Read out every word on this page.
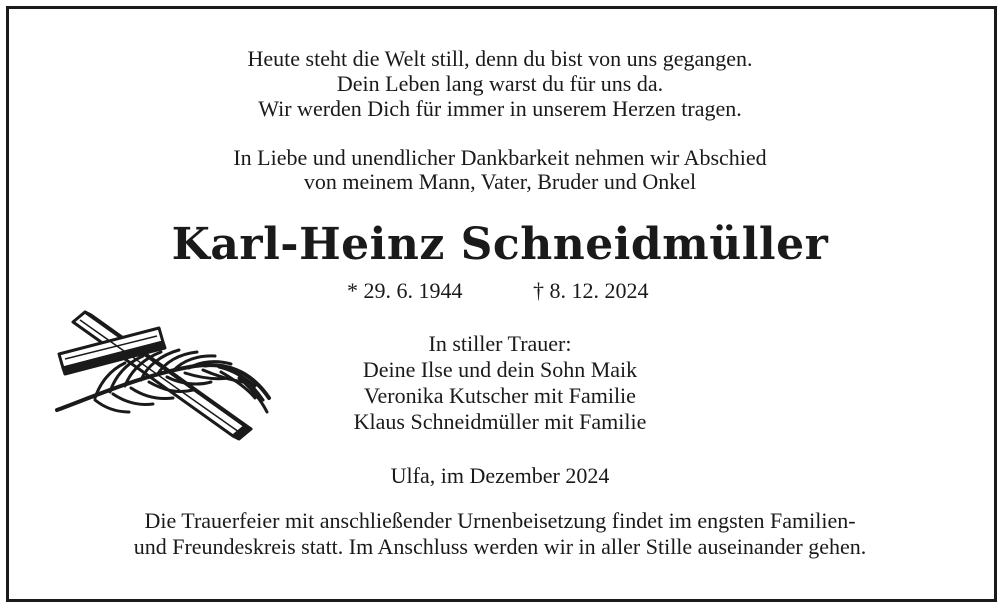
Heute steht die Welt still, denn du bist von uns gegangen.
Dein Leben lang warst du für uns da.
Wir werden Dich für immer in unserem Herzen tragen.
In Liebe und unendlicher Dankbarkeit nehmen wir Abschied
von meinem Mann, Vater, Bruder und Onkel
Karl-Heinz Schneidmüller
* 29. 6. 1944	† 8. 12. 2024
In stiller Trauer:
Deine Ilse und dein Sohn Maik
Veronika Kutscher mit Familie
Klaus Schneidmüller mit Familie
Ulfa, im Dezember 2024
Die Trauerfeier mit anschließender Urnenbeisetzung findet im engsten Familien-
und Freundeskreis statt. Im Anschluss werden wir in aller Stille auseinander gehen.
